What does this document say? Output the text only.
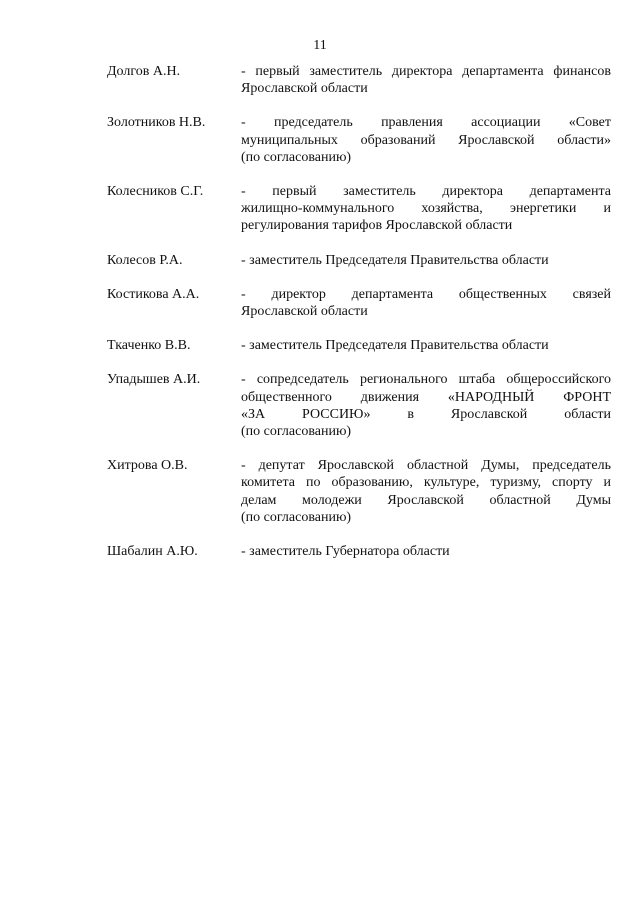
11
Долгов А.Н.	- первый заместитель директора департамента финансов
Ярославской области
Золотников Н.В.	- председатель правления ассоциации «Совет
муниципальных образований Ярославской области»
(по согласованию)
Колесников С.Г.	- первый заместитель директора департамента
жилищно-коммунального хозяйства, энергетики и
регулирования тарифов Ярославской области
Колесов Р.А.	- заместитель Председателя Правительства области
Костикова А.А.	- директор департамента общественных связей
Ярославской области
Ткаченко В.В.	- заместитель Председателя Правительства области
Упадышев А.И.	- сопредседатель регионального штаба общероссийского
общественного движения «НАРОДНЫЙ ФРОНТ
«ЗА РОССИЮ» в Ярославской области
(по согласованию)
Хитрова О.В.	- депутат Ярославской областной Думы, председатель
комитета по образованию, культуре, туризму, спорту и
делам молодежи Ярославской областной Думы
(по согласованию)
Шабалин А.Ю.	- заместитель Губернатора области
